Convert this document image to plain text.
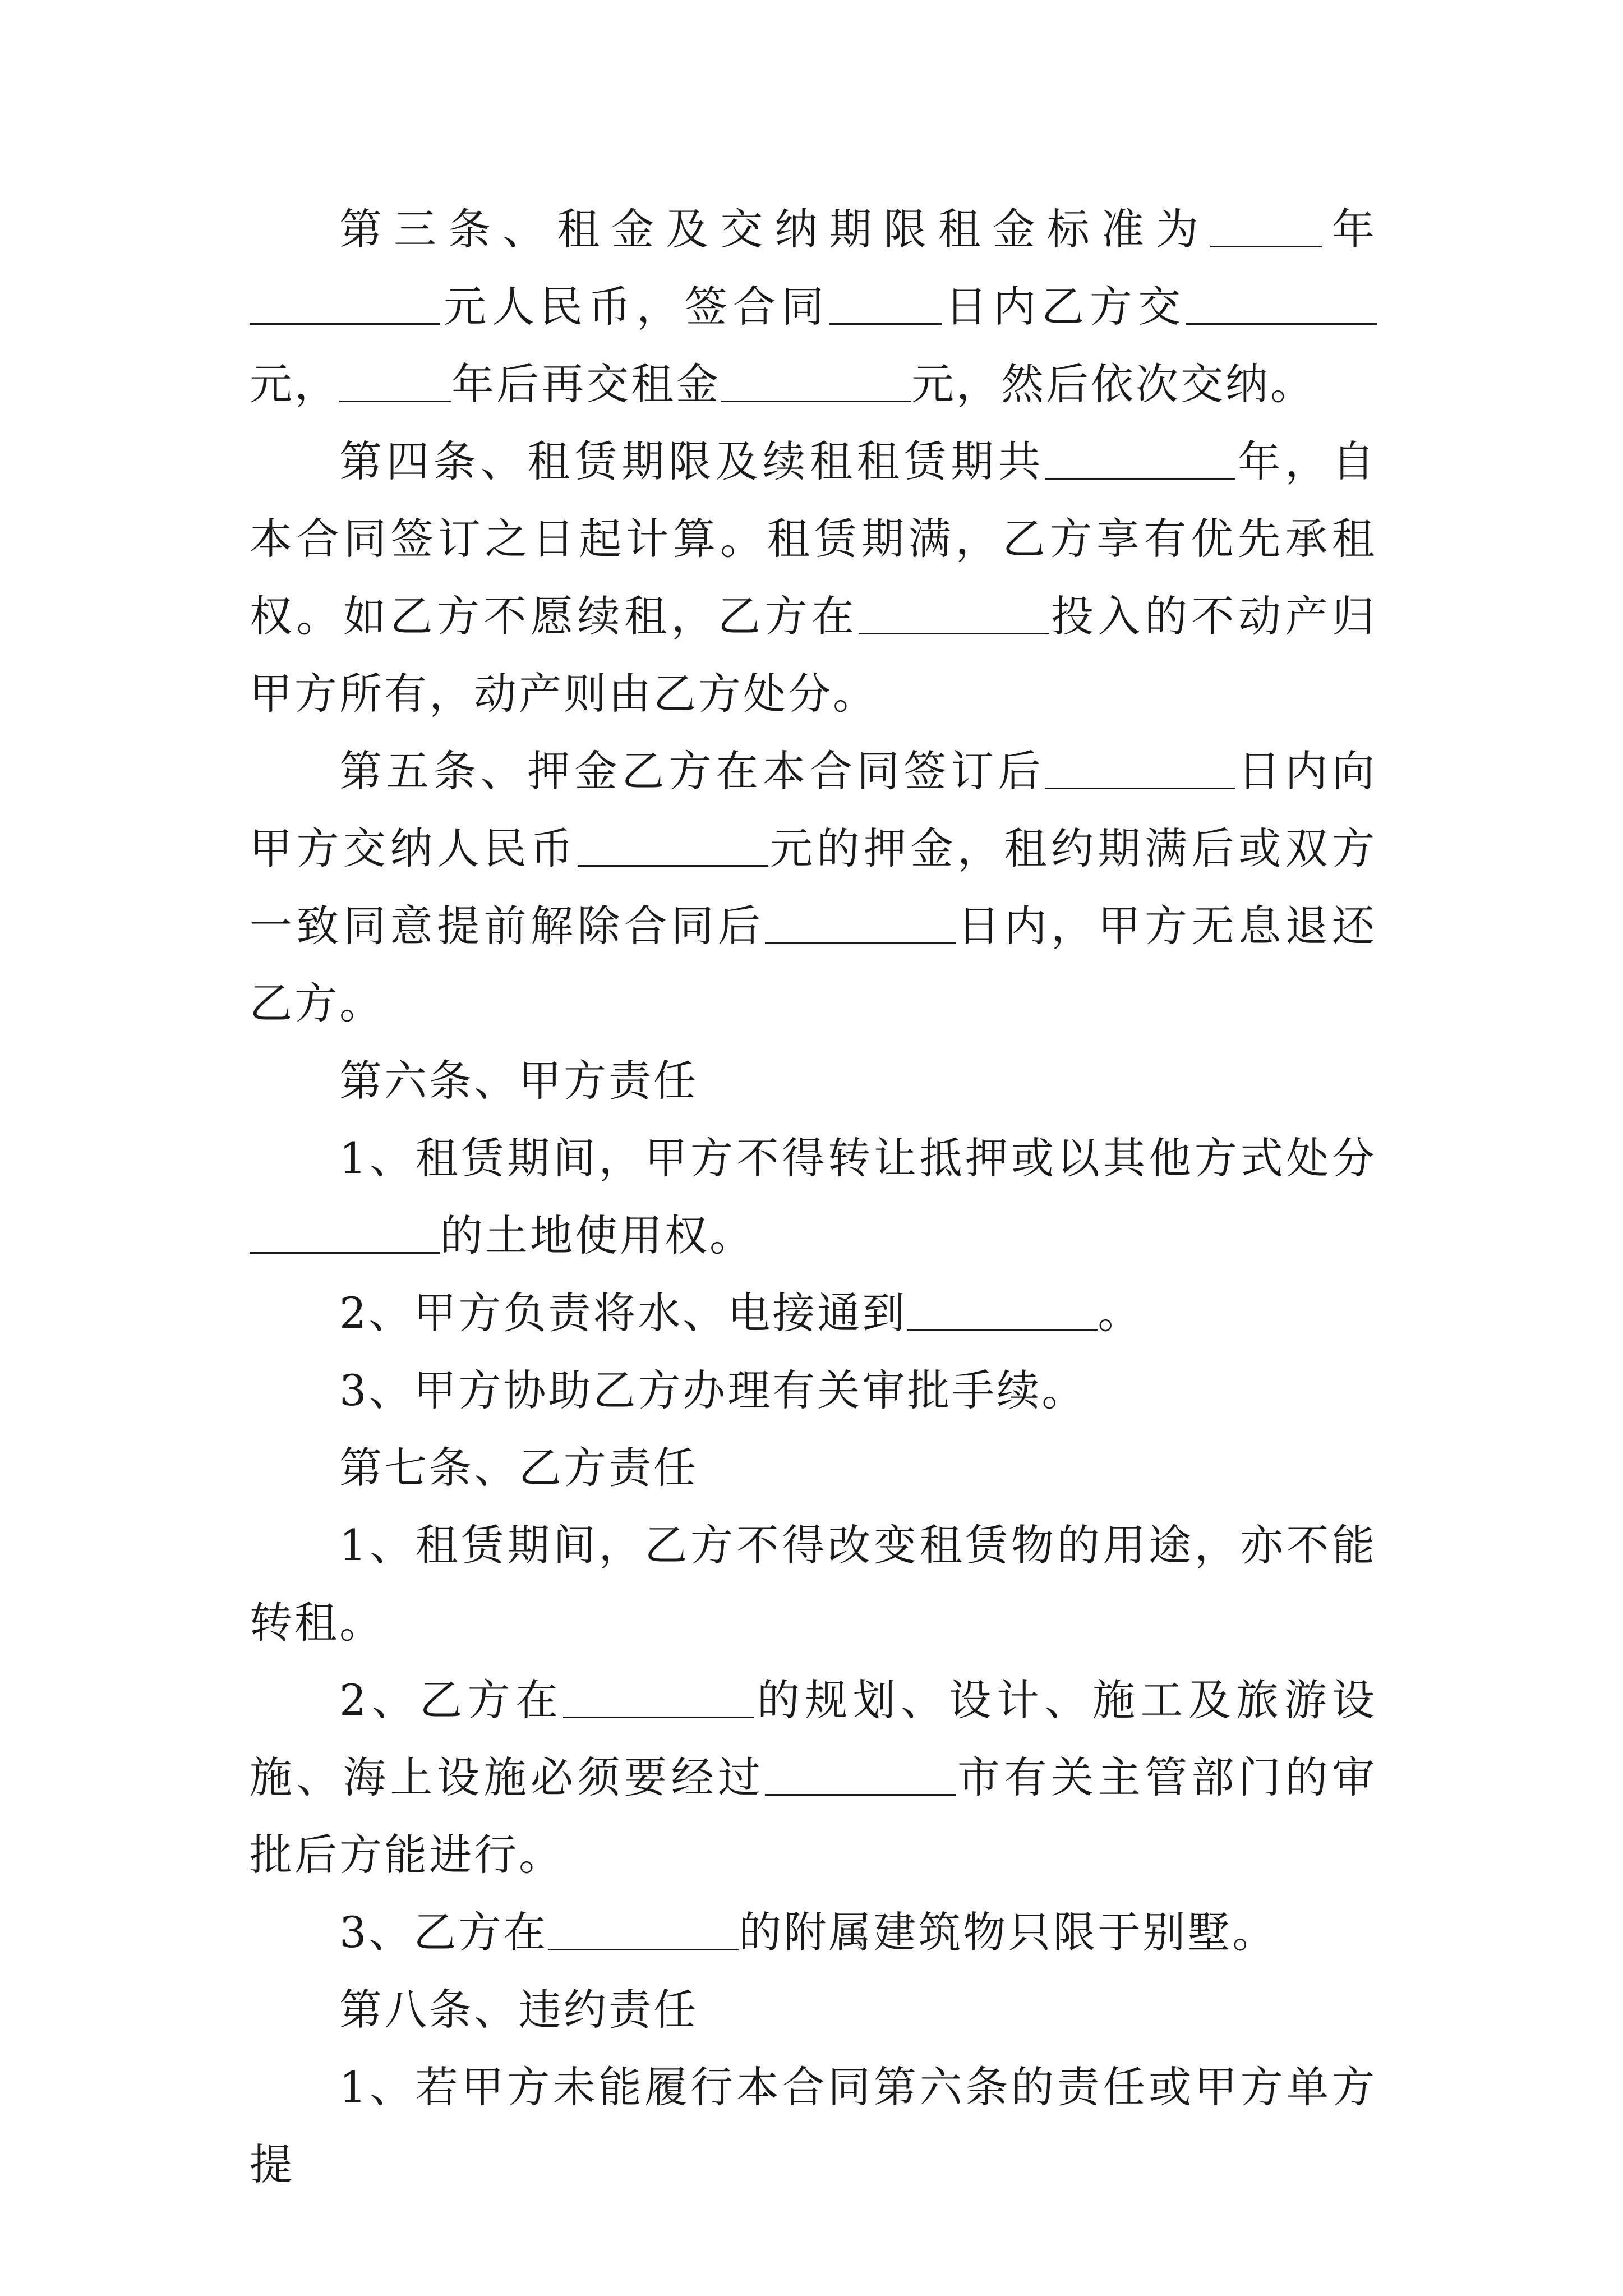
第三条、租金及交纳期限租金标准为	年元人民币，签合同	日内乙方交元，	年后再交租金	元，然后依次交纳。

第四条、租赁期限及续租租赁期共	年，自本合同签订之日起计算。租赁期满，乙方享有优先承租权。如乙方不愿续租，乙方在	投入的不动产归甲方所有，动产则由乙方处分。

第五条、押金乙方在本合同签订后	日内向甲方交纳人民币	元的押金，租约期满后或双方一致同意提前解除合同后	日内，甲方无息退还乙方。

第六条、甲方责任

1、租赁期间，甲方不得转让抵押或以其他方式处分的土地使用权。

2、甲方负责将水、电接通到	。

3、甲方协助乙方办理有关审批手续。

第七条、乙方责任

1、租赁期间，乙方不得改变租赁物的用途，亦不能转租。

2、乙方在	的规划、设计、施工及旅游设施、海上设施必须要经过	市有关主管部门的审批后方能进行。

3、乙方在	的附属建筑物只限于别墅。

第八条、违约责任

1、若甲方未能履行本合同第六条的责任或甲方单方提
